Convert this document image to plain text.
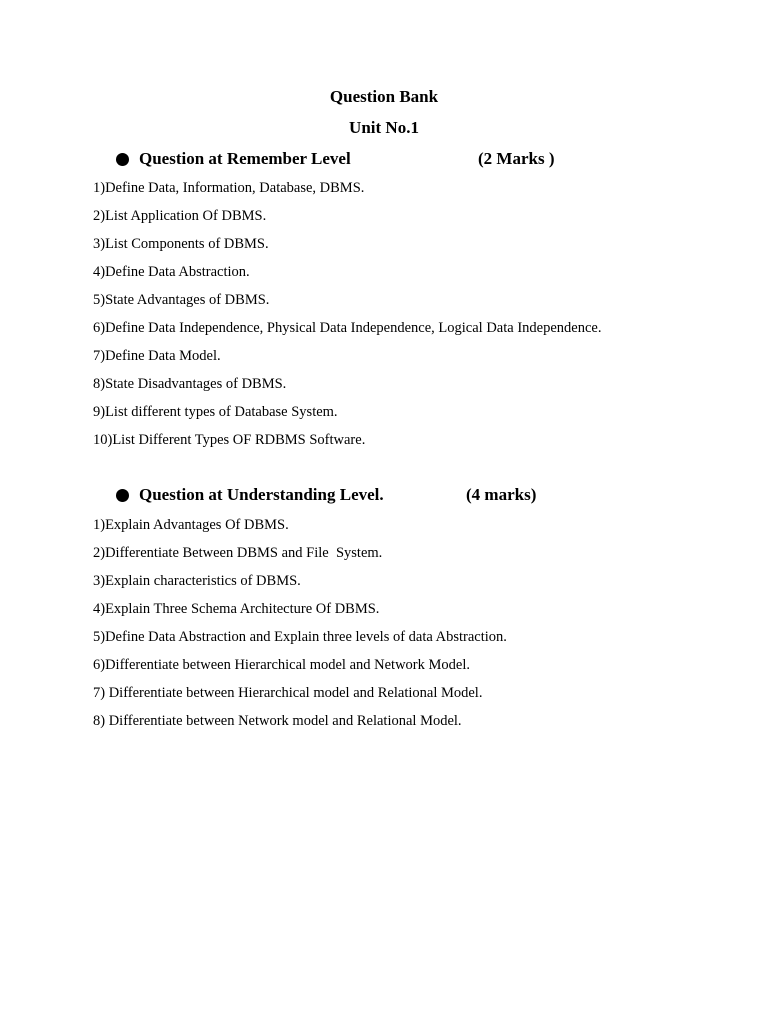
Question Bank
Unit No.1
Question at Remember Level	(2 Marks )
1)Define Data, Information, Database, DBMS.
2)List Application Of DBMS.
3)List Components of DBMS.
4)Define Data Abstraction.
5)State Advantages of DBMS.
6)Define Data Independence, Physical Data Independence, Logical Data Independence.
7)Define Data Model.
8)State Disadvantages of DBMS.
9)List different types of Database System.
10)List Different Types OF RDBMS Software.
Question at Understanding Level.	(4 marks)
1)Explain Advantages Of DBMS.
2)Differentiate Between DBMS and File  System.
3)Explain characteristics of DBMS.
4)Explain Three Schema Architecture Of DBMS.
5)Define Data Abstraction and Explain three levels of data Abstraction.
6)Differentiate between Hierarchical model and Network Model.
7) Differentiate between Hierarchical model and Relational Model.
8) Differentiate between Network model and Relational Model.
